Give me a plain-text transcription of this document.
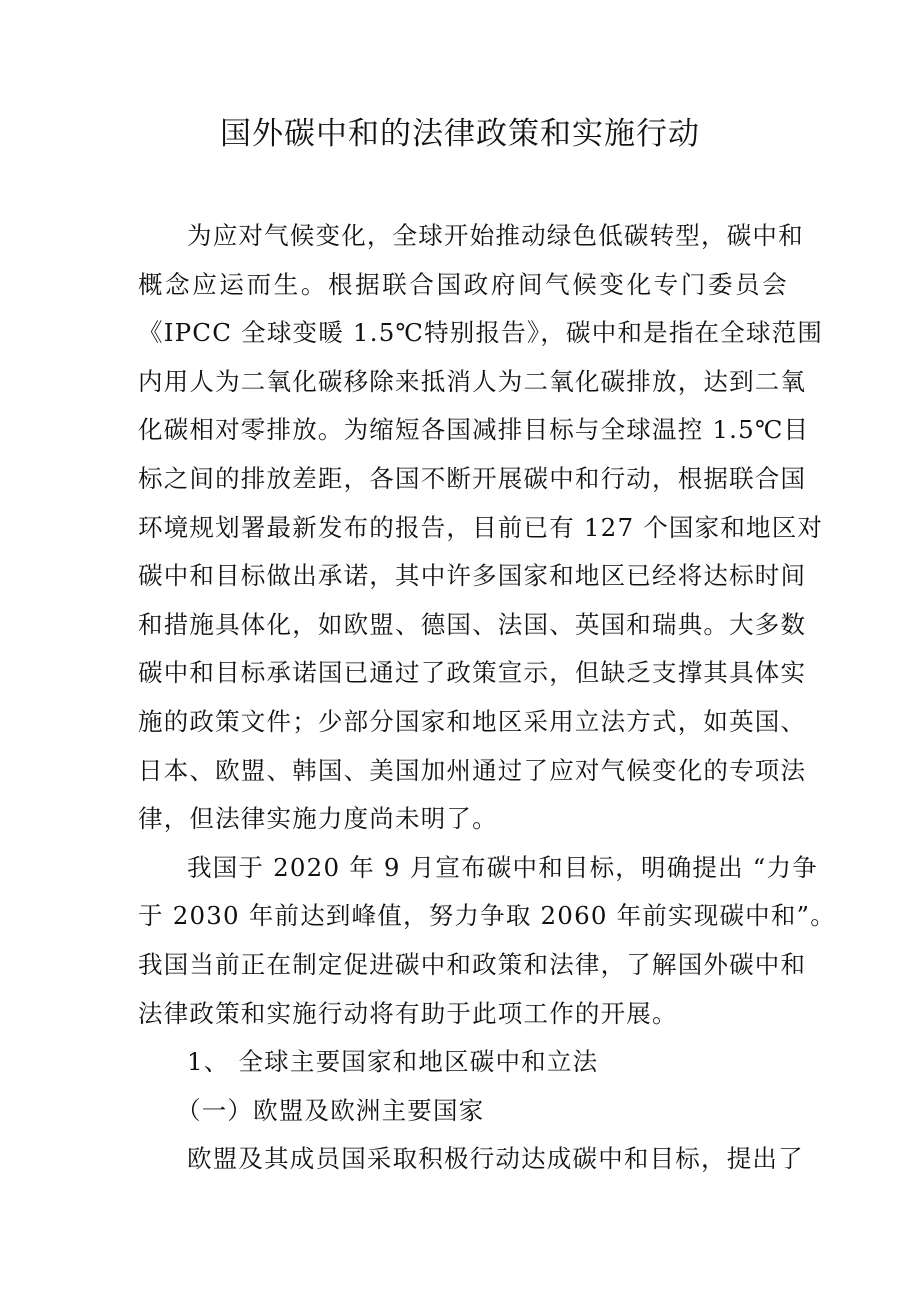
国外碳中和的法律政策和实施行动
为应对气候变化，全球开始推动绿色低碳转型，碳中和
概念应运而生。根据联合国政府间气候变化专门委员会
《IPCC 全球变暖 1.5℃特别报告》，碳中和是指在全球范围
内用人为二氧化碳移除来抵消人为二氧化碳排放，达到二氧
化碳相对零排放。为缩短各国减排目标与全球温控 1.5℃目
标之间的排放差距，各国不断开展碳中和行动，根据联合国
环境规划署最新发布的报告，目前已有 127 个国家和地区对
碳中和目标做出承诺，其中许多国家和地区已经将达标时间
和措施具体化，如欧盟、德国、法国、英国和瑞典。大多数
碳中和目标承诺国已通过了政策宣示，但缺乏支撑其具体实
施的政策文件；少部分国家和地区采用立法方式，如英国、
日本、欧盟、韩国、美国加州通过了应对气候变化的专项法
律，但法律实施力度尚未明了。
我国于 2020 年 9 月宣布碳中和目标，明确提出 “力争
于 2030 年前达到峰值，努力争取 2060 年前实现碳中和”。
我国当前正在制定促进碳中和政策和法律，了解国外碳中和
法律政策和实施行动将有助于此项工作的开展。
1、 全球主要国家和地区碳中和立法
（一）欧盟及欧洲主要国家
欧盟及其成员国采取积极行动达成碳中和目标，提出了
